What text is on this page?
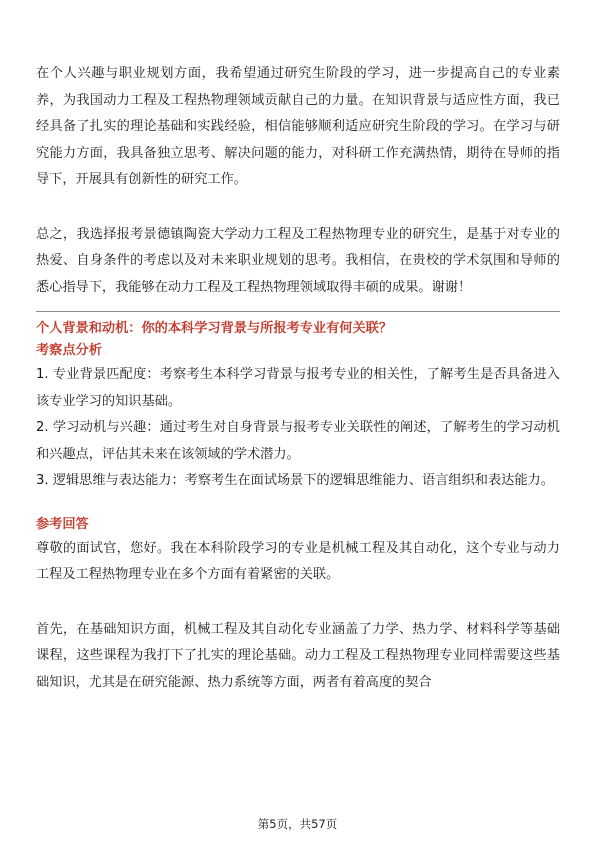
在个人兴趣与职业规划方面，我希望通过研究生阶段的学习，进一步提高自己的专业素养，为我国动力工程及工程热物理领域贡献自己的力量。在知识背景与适应性方面，我已经具备了扎实的理论基础和实践经验，相信能够顺利适应研究生阶段的学习。在学习与研究能力方面，我具备独立思考、解决问题的能力，对科研工作充满热情，期待在导师的指导下，开展具有创新性的研究工作。

总之，我选择报考景德镇陶瓷大学动力工程及工程热物理专业的研究生，是基于对专业的热爱、自身条件的考虑以及对未来职业规划的思考。我相信，在贵校的学术氛围和导师的悉心指导下，我能够在动力工程及工程热物理领域取得丰硕的成果。谢谢！

个人背景和动机：你的本科学习背景与所报考专业有何关联？

考察点分析

1. 专业背景匹配度：考察考生本科学习背景与报考专业的相关性，了解考生是否具备进入该专业学习的知识基础。

2. 学习动机与兴趣：通过考生对自身背景与报考专业关联性的阐述，了解考生的学习动机和兴趣点，评估其未来在该领域的学术潜力。

3. 逻辑思维与表达能力：考察考生在面试场景下的逻辑思维能力、语言组织和表达能力。

参考回答

尊敬的面试官，您好。我在本科阶段学习的专业是机械工程及其自动化，这个专业与动力工程及工程热物理专业在多个方面有着紧密的关联。

首先，在基础知识方面，机械工程及其自动化专业涵盖了力学、热力学、材料科学等基础课程，这些课程为我打下了扎实的理论基础。动力工程及工程热物理专业同样需要这些基础知识，尤其是在研究能源、热力系统等方面，两者有着高度的契合

第5页，共57页
